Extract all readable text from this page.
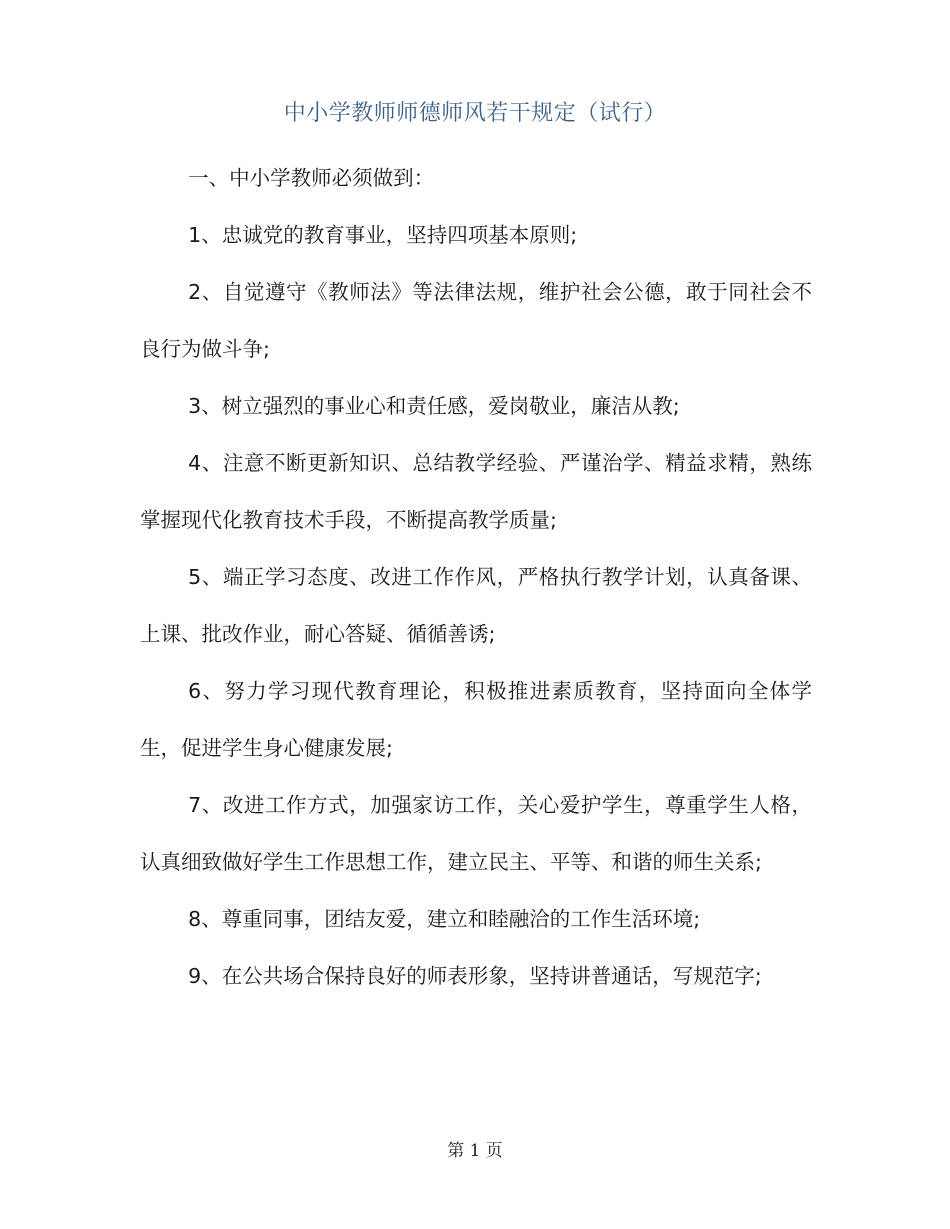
中小学教师师德师风若干规定（试行）

一、中小学教师必须做到：

1、忠诚党的教育事业，坚持四项基本原则;

2、自觉遵守《教师法》等法律法规，维护社会公德，敢于同社会不良行为做斗争;

3、树立强烈的事业心和责任感，爱岗敬业，廉洁从教;

4、注意不断更新知识、总结教学经验、严谨治学、精益求精，熟练掌握现代化教育技术手段，不断提高教学质量;

5、端正学习态度、改进工作作风，严格执行教学计划，认真备课、上课、批改作业，耐心答疑、循循善诱;

6、努力学习现代教育理论，积极推进素质教育，坚持面向全体学生，促进学生身心健康发展;

7、改进工作方式，加强家访工作，关心爱护学生，尊重学生人格，认真细致做好学生工作思想工作，建立民主、平等、和谐的师生关系;

8、尊重同事，团结友爱，建立和睦融洽的工作生活环境;

9、在公共场合保持良好的师表形象，坚持讲普通话，写规范字;

第 1 页
